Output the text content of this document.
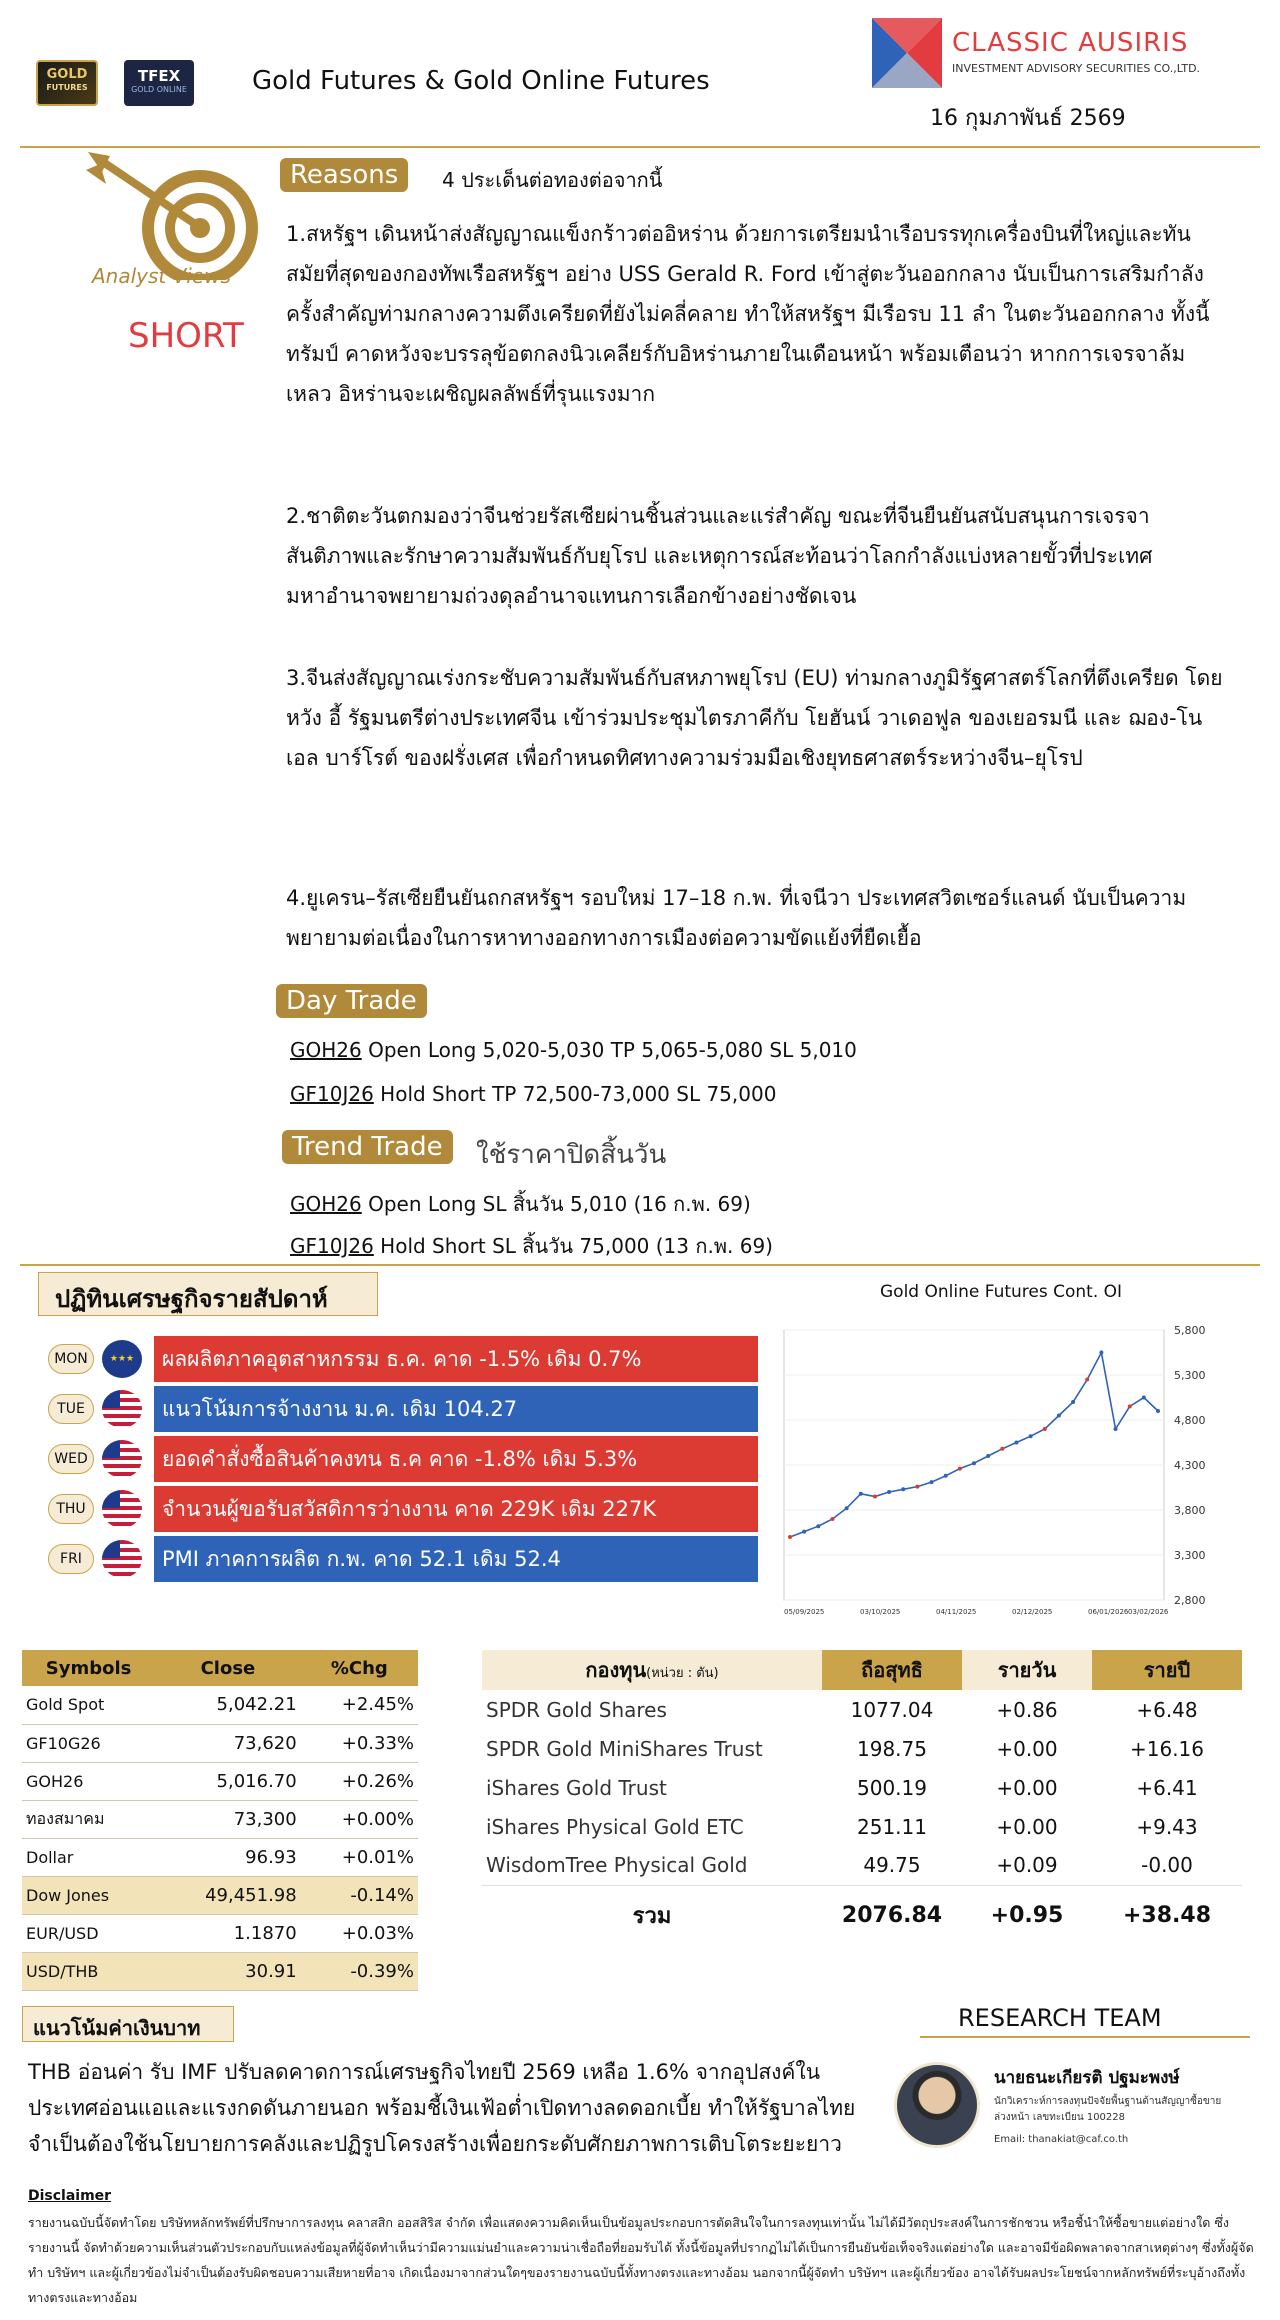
GOLD
FUTURES
TFEX
GOLD ONLINE	Gold Futures & Gold Online Futures
CLASSIC AUSIRIS
INVESTMENT ADVISORY SECURITIES CO.,LTD.
16 กุมภาพันธ์ 2569
Analyst Views
SHORT
Reasons	4 ประเด็นต่อทองต่อจากนี้
1.สหรัฐฯ เดินหน้าส่งสัญญาณแข็งกร้าวต่ออิหร่าน ด้วยการเตรียมนำเรือบรรทุกเครื่องบินที่ใหญ่และทันสมัยที่สุดของกองทัพเรือสหรัฐฯ อย่าง USS Gerald R. Ford เข้าสู่ตะวันออกกลาง นับเป็นการเสริมกำลังครั้งสำคัญท่ามกลางความตึงเครียดที่ยังไม่คลี่คลาย ทำให้สหรัฐฯ มีเรือรบ 11 ลำ ในตะวันออกกลาง ทั้งนี้ทรัมป์ คาดหวังจะบรรลุข้อตกลงนิวเคลียร์กับอิหร่านภายในเดือนหน้า พร้อมเตือนว่า หากการเจรจาล้มเหลว อิหร่านจะเผชิญผลลัพธ์ที่รุนแรงมาก
2.ชาติตะวันตกมองว่าจีนช่วยรัสเซียผ่านชิ้นส่วนและแร่สำคัญ ขณะที่จีนยืนยันสนับสนุนการเจรจาสันติภาพและรักษาความสัมพันธ์กับยุโรป และเหตุการณ์สะท้อนว่าโลกกำลังแบ่งหลายขั้วที่ประเทศมหาอำนาจพยายามถ่วงดุลอำนาจแทนการเลือกข้างอย่างชัดเจน
3.จีนส่งสัญญาณเร่งกระชับความสัมพันธ์กับสหภาพยุโรป (EU) ท่ามกลางภูมิรัฐศาสตร์โลกที่ตึงเครียด โดย หวัง อี้ รัฐมนตรีต่างประเทศจีน เข้าร่วมประชุมไตรภาคีกับ โยฮันน์ วาเดอฟูล ของเยอรมนี และ ฌอง-โนเอล บาร์โรต์ ของฝรั่งเศส เพื่อกำหนดทิศทางความร่วมมือเชิงยุทธศาสตร์ระหว่างจีน–ยุโรป
4.ยูเครน–รัสเซียยืนยันถกสหรัฐฯ รอบใหม่ 17–18 ก.พ. ที่เจนีวา ประเทศสวิตเซอร์แลนด์ นับเป็นความพยายามต่อเนื่องในการหาทางออกทางการเมืองต่อความขัดแย้งที่ยืดเยื้อ
Day Trade
GOH26 Open Long 5,020-5,030 TP 5,065-5,080 SL 5,010
GF10J26 Hold Short TP 72,500-73,000 SL 75,000
Trend Trade	ใช้ราคาปิดสิ้นวัน
GOH26 Open Long SL สิ้นวัน 5,010 (16 ก.พ. 69)
GF10J26 Hold Short SL สิ้นวัน 75,000 (13 ก.พ. 69)
ปฏิทินเศรษฐกิจรายสัปดาห์
MON	★★★	ผลผลิตภาคอุตสาหกรรม ธ.ค. คาด -1.5% เดิม 0.7%
TUE	แนวโน้มการจ้างงาน ม.ค. เดิม 104.27
WED	ยอดคำสั่งซื้อสินค้าคงทน ธ.ค คาด -1.8% เดิม 5.3%
THU	จำนวนผู้ขอรับสวัสดิการว่างงาน คาด 229K เดิม 227K
FRI	PMI ภาคการผลิต ก.พ. คาด 52.1 เดิม 52.4
Gold Online Futures Cont. OI
5,800
5,300
4,800
4,300
3,800
3,300
2,800
05/09/2025	03/10/2025	04/11/2025	02/12/2025	06/01/2026 03/02/2026
Symbols	Close	%Chg
Gold Spot	5,042.21	+2.45%
GF10G26	73,620	+0.33%
GOH26	5,016.70	+0.26%
ทองสมาคม	73,300	+0.00%
Dollar	96.93	+0.01%
Dow Jones	49,451.98	-0.14%
EUR/USD	1.1870	+0.03%
USD/THB	30.91	-0.39%
กองทุน(หน่วย : ตัน)	ถือสุทธิ	รายวัน	รายปี
SPDR Gold Shares	1077.04	+0.86	+6.48
SPDR Gold MiniShares Trust	198.75	+0.00	+16.16
iShares Gold Trust	500.19	+0.00	+6.41
iShares Physical Gold ETC	251.11	+0.00	+9.43
WisdomTree Physical Gold	49.75	+0.09	-0.00
รวม	2076.84	+0.95	+38.48
แนวโน้มค่าเงินบาท
THB อ่อนค่า รับ IMF ปรับลดคาดการณ์เศรษฐกิจไทยปี 2569 เหลือ 1.6% จากอุปสงค์ในประเทศอ่อนแอและแรงกดดันภายนอก พร้อมชี้เงินเฟ้อต่ำเปิดทางลดดอกเบี้ย ทำให้รัฐบาลไทยจำเป็นต้องใช้นโยบายการคลังและปฏิรูปโครงสร้างเพื่อยกระดับศักยภาพการเติบโตระยะยาว
RESEARCH TEAM
นายธนะเกียรติ ปฐมะพงษ์
นักวิเคราะห์การลงทุนปัจจัยพื้นฐานด้านสัญญาซื้อขายล่วงหน้า เลขทะเบียน 100228
Email: thanakiat@caf.co.th
Disclaimer
รายงานฉบับนี้จัดทำโดย บริษัทหลักทรัพย์ที่ปรึกษาการลงทุน คลาสสิก ออสสิริส จำกัด เพื่อแสดงความคิดเห็นเป็นข้อมูลประกอบการตัดสินใจในการลงทุนเท่านั้น ไม่ได้มีวัตถุประสงค์ในการชักชวน หรือชี้นำให้ซื้อขายแต่อย่างใด ซึ่งรายงานนี้ จัดทำด้วยความเห็นส่วนตัวประกอบกับแหล่งข้อมูลที่ผู้จัดทำเห็นว่ามีความแม่นยำและความน่าเชื่อถือที่ยอมรับได้ ทั้งนี้ข้อมูลที่ปรากฏไม่ได้เป็นการยืนยันข้อเท็จจริงแต่อย่างใด และอาจมีข้อผิดพลาดจากสาเหตุต่างๆ ซึ่งทั้งผู้จัดทำ บริษัทฯ และผู้เกี่ยวข้องไม่จำเป็นต้องรับผิดชอบความเสียหายที่อาจ เกิดเนื่องมาจากส่วนใดๆของรายงานฉบับนี้ทั้งทางตรงและทางอ้อม นอกจากนี้ผู้จัดทำ บริษัทฯ และผู้เกี่ยวข้อง อาจได้รับผลประโยชน์จากหลักทรัพย์ที่ระบุอ้างถึงทั้งทางตรงและทางอ้อม
